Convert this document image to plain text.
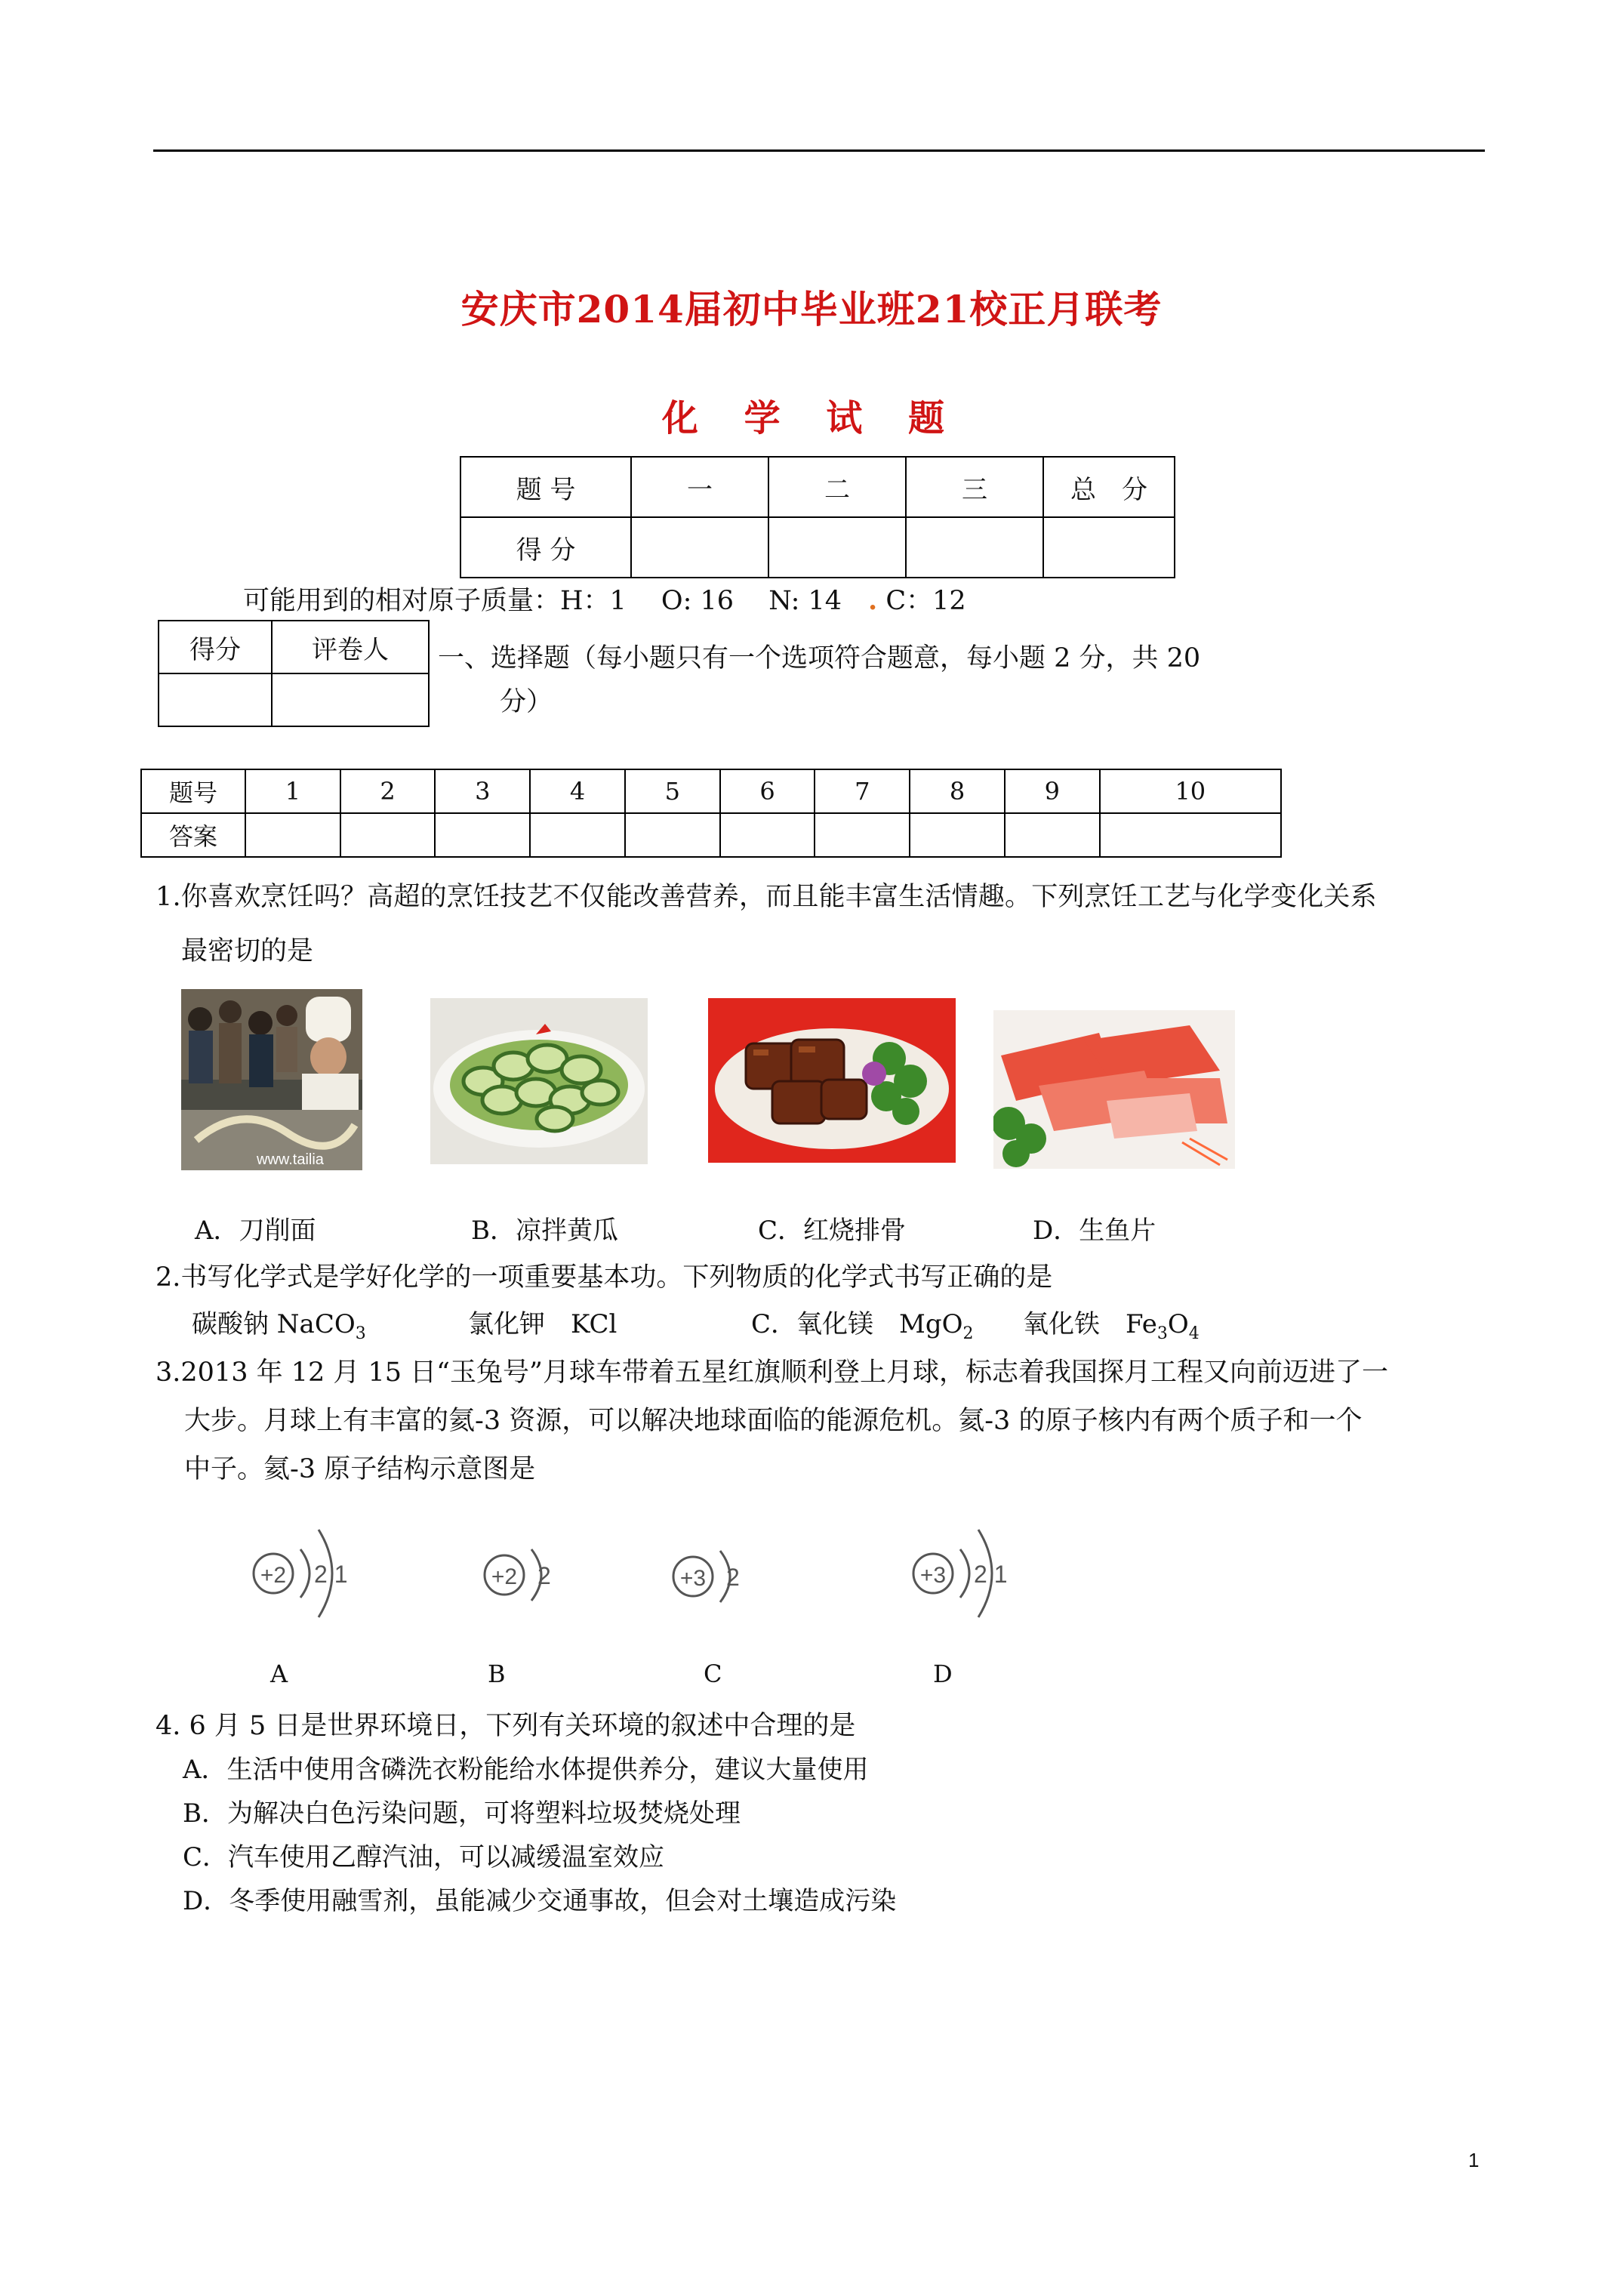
安庆市2014届初中毕业班21校正月联考
化 学 试 题
题 号	一	二	三	总　分
得 分				
可能用到的相对原子质量：H：1　 O: 16　 N: 14　. C：12
得分	评卷人
	一、选择题（每小题只有一个选项符合题意，每小题 2 分，共 20
分）
题号	1	2	3	4	5	6	7	8	9	10
答案										
1.你喜欢烹饪吗？高超的烹饪技艺不仅能改善营养，而且能丰富生活情趣。下列烹饪工艺与化学变化关系
最密切的是
www.tailia
A．刀削面	B．凉拌黄瓜	C．红烧排骨	D．生鱼片
2.书写化学式是学好化学的一项重要基本功。下列物质的化学式书写正确的是
碳酸钠 NaCO$_3$	氯化钾　KCl	C．氧化镁　MgO$_2$ 氧化铁　$Fe_3O_4$
3.2013 年 12 月 15 日“玉兔号”月球车带着五星红旗顺利登上月球，标志着我国探月工程又向前迈进了一
大步。月球上有丰富的氦-3 资源，可以解决地球面临的能源危机。氦-3 的原子核内有两个质子和一个
中子。氦-3 原子结构示意图是
+2 2 1	+2 2	+3 2	+3 2 1
A	B	C	D
4. 6 月 5 日是世界环境日，下列有关环境的叙述中合理的是
A．生活中使用含磷洗衣粉能给水体提供养分，建议大量使用
B．为解决白色污染问题，可将塑料垃圾焚烧处理
C．汽车使用乙醇汽油，可以减缓温室效应
D．冬季使用融雪剂，虽能减少交通事故，但会对土壤造成污染
1
